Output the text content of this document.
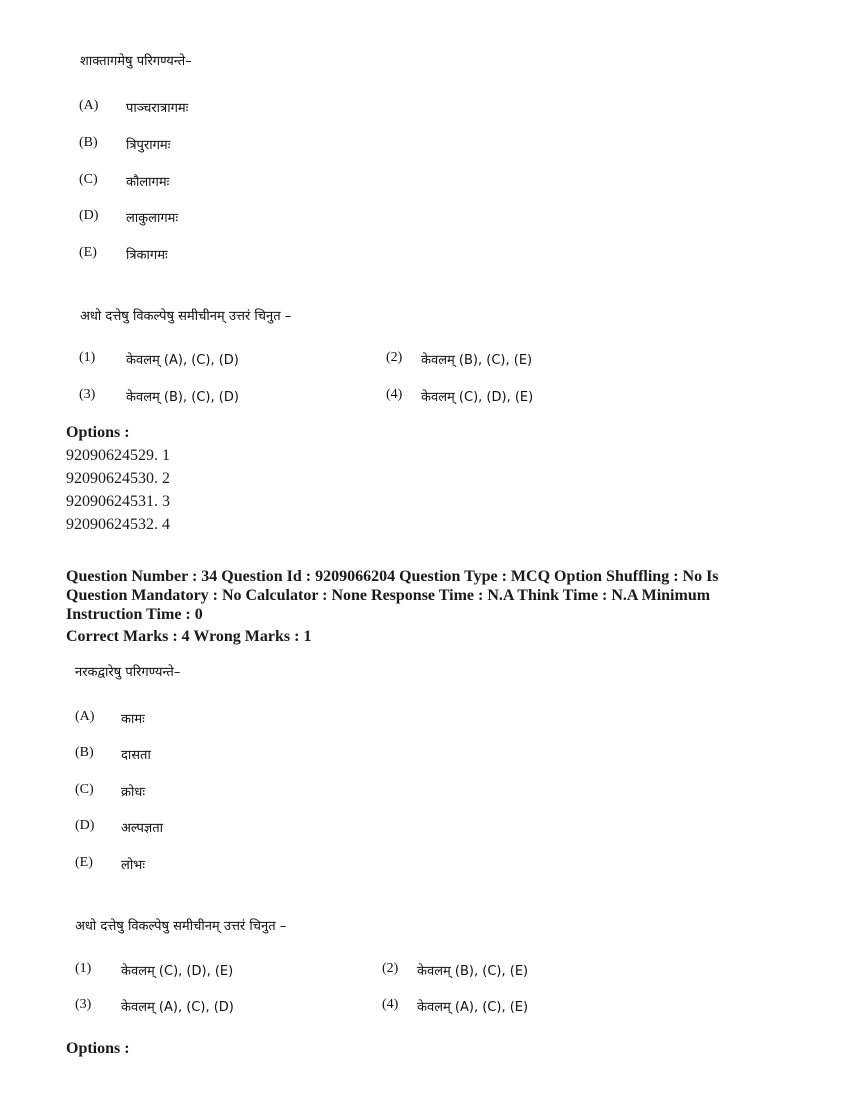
शाक्तागमेषु परिगण्यन्ते–
(A) पाञ्चरात्रागमः
(B) त्रिपुरागमः
(C) कौलागमः
(D) लाकुलागमः
(E) त्रिकागमः
अधो दत्तेषु विकल्पेषु समीचीनम् उत्तरं चिनुत –
(1) केवलम् (A), (C), (D)	(2) केवलम् (B), (C), (E)
(3) केवलम् (B), (C), (D)	(4) केवलम् (C), (D), (E)
Options :
92090624529. 1
92090624530. 2
92090624531. 3
92090624532. 4
Question Number : 34 Question Id : 9209066204 Question Type : MCQ Option Shuffling : No Is
Question Mandatory : No Calculator : None Response Time : N.A Think Time : N.A Minimum
Instruction Time : 0
Correct Marks : 4 Wrong Marks : 1
नरकद्वारेषु परिगण्यन्ते–
(A) कामः
(B) दासता
(C) क्रोधः
(D) अल्पज्ञता
(E) लोभः
अधो दत्तेषु विकल्पेषु समीचीनम् उत्तरं चिनुत –
(1) केवलम् (C), (D), (E)	(2) केवलम् (B), (C), (E)
(3) केवलम् (A), (C), (D)	(4) केवलम् (A), (C), (E)
Options :
